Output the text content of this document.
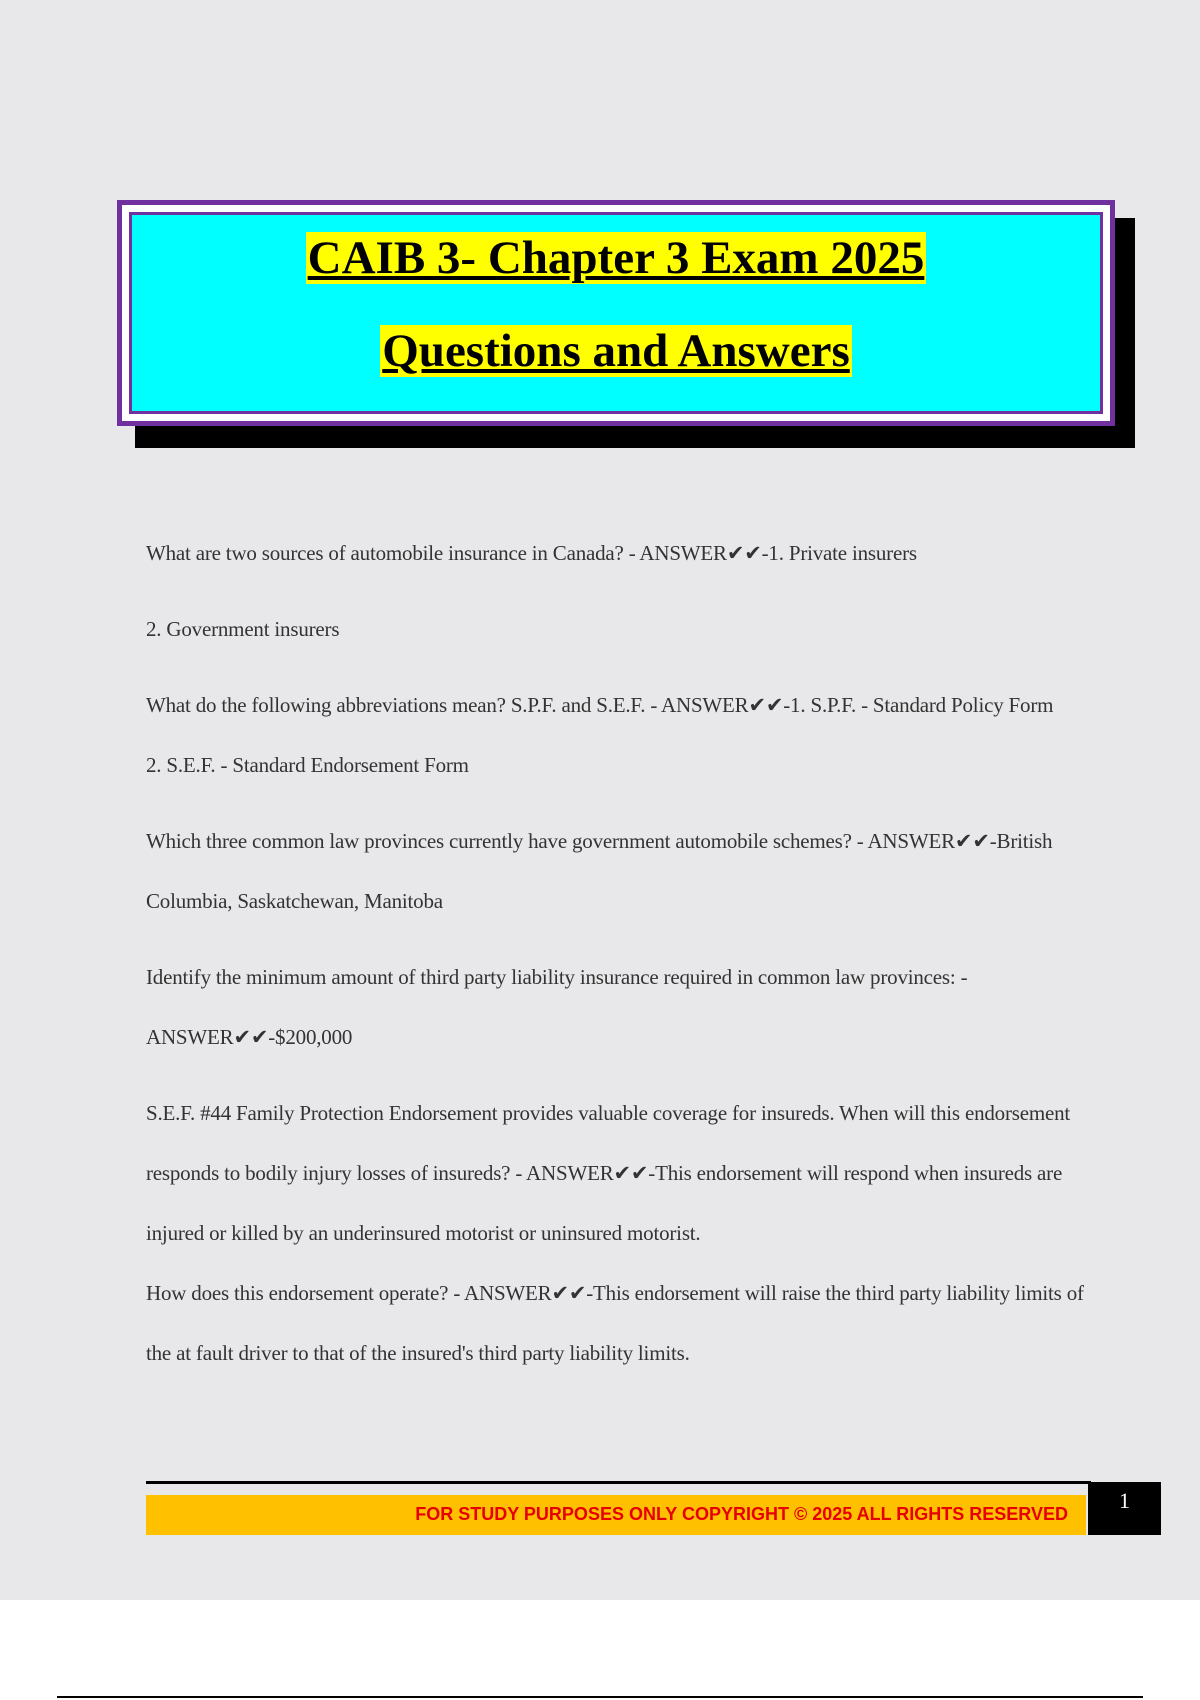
CAIB 3- Chapter 3 Exam 2025
Questions and Answers

What are two sources of automobile insurance in Canada? - ANSWER✔✔-1. Private insurers

2. Government insurers

What do the following abbreviations mean? S.P.F. and S.E.F. - ANSWER✔✔-1. S.P.F. - Standard Policy Form

2. S.E.F. - Standard Endorsement Form

Which three common law provinces currently have government automobile schemes? - ANSWER✔✔-British Columbia, Saskatchewan, Manitoba

Identify the minimum amount of third party liability insurance required in common law provinces: - ANSWER✔✔-$200,000

S.E.F. #44 Family Protection Endorsement provides valuable coverage for insureds. When will this endorsement responds to bodily injury losses of insureds? - ANSWER✔✔-This endorsement will respond when insureds are injured or killed by an underinsured motorist or uninsured motorist.

How does this endorsement operate? - ANSWER✔✔-This endorsement will raise the third party liability limits of the at fault driver to that of the insured's third party liability limits.

FOR STUDY PURPOSES ONLY COPYRIGHT © 2025 ALL RIGHTS RESERVED
1
